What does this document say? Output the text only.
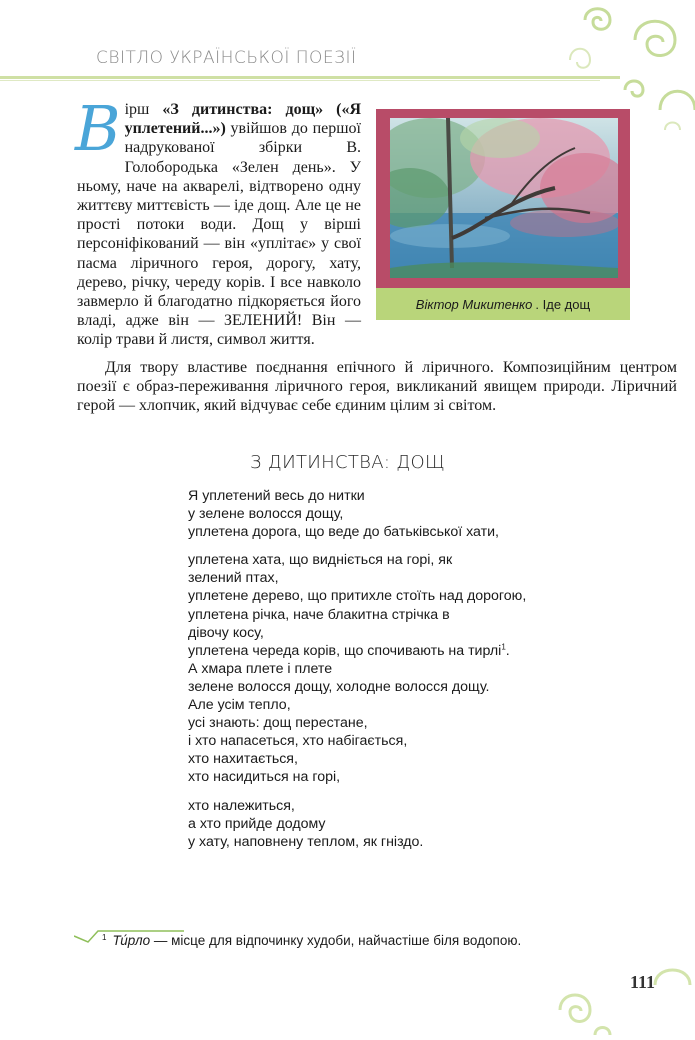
СВІТЛО УКРАЇНСЬКОЇ ПОЕЗІЇ
В ірш «З дитинства: дощ» («Я уплетений...») увійшов до першої надрукованої збірки В. Голобородька «Зелен день». У ньому, наче на акварелі, відтворено одну життєву миттєвість — іде дощ. Але це не прості потоки води. Дощ у вірші персоніфікований — він «уплітає» у свої пасма ліричного героя, дорогу, хату, дерево, річку, череду корів. І все навколо завмерло й благодатно підкоряється його владі, адже він — ЗЕЛЕНИЙ! Він — колір трави й листя, символ життя.

Віктор Микитенко . Іде дощ

Для твору властиве поєднання епічного й ліричного. Композиційним центром поезії є образ-переживання ліричного героя, викликаний явищем природи. Ліричний герой — хлопчик, який відчуває себе єдиним цілим зі світом.

З ДИТИНСТВА: ДОЩ
Я уплетений весь до нитки
у зелене волосся дощу,
уплетена дорога, що веде до батьківської хати,
уплетена хата, що видніється на горі, як
зелений птах,
уплетене дерево, що притихле стоїть над дорогою,
уплетена річка, наче блакитна стрічка в
дівочу косу,
уплетена череда корів, що спочивають на тирлі$^1$.
А хмара плете і плете
зелене волосся дощу, холодне волосся дощу.
Але усім тепло,
усі знають: дощ перестане,
і хто напасеться, хто набігається,
хто нахитається,
хто насидиться на горі,
хто належиться,
а хто прийде додому
у хату, наповнену теплом, як гніздо.
$^1$ Ти́рло — місце для відпочинку худоби, найчастіше біля водопою.
111
